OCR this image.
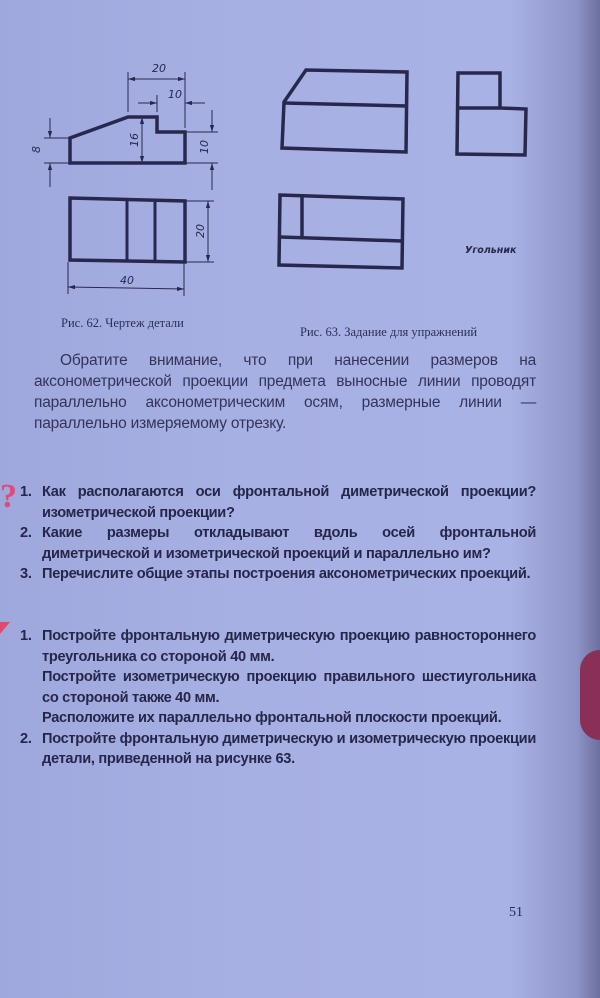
20
10
8
16	10
20
40
Угольник
Рис. 62. Чертеж детали
Рис. 63. Задание для упражнений
Обратите внимание, что при нанесении размеров на аксонометрической проекции предмета выносные линии проводят параллельно аксонометрическим осям, размерные линии — параллельно измеряемому отрезку.
? 1. Как располагаются оси фронтальной диметрической проекции? изометрической проекции?
2. Какие размеры откладывают вдоль осей фронтальной диметрической и изометрической проекций и параллельно им?
3. Перечислите общие этапы построения аксонометрических проекций.
1. Постройте фронтальную диметрическую проекцию равностороннего треугольника со стороной 40 мм.

Постройте изометрическую проекцию правильного шестиугольника со стороной также 40 мм.

Расположите их параллельно фронтальной плоскости проекций.

2. Постройте фронтальную диметрическую и изометрическую проекции детали, приведенной на рисунке 63.

51
